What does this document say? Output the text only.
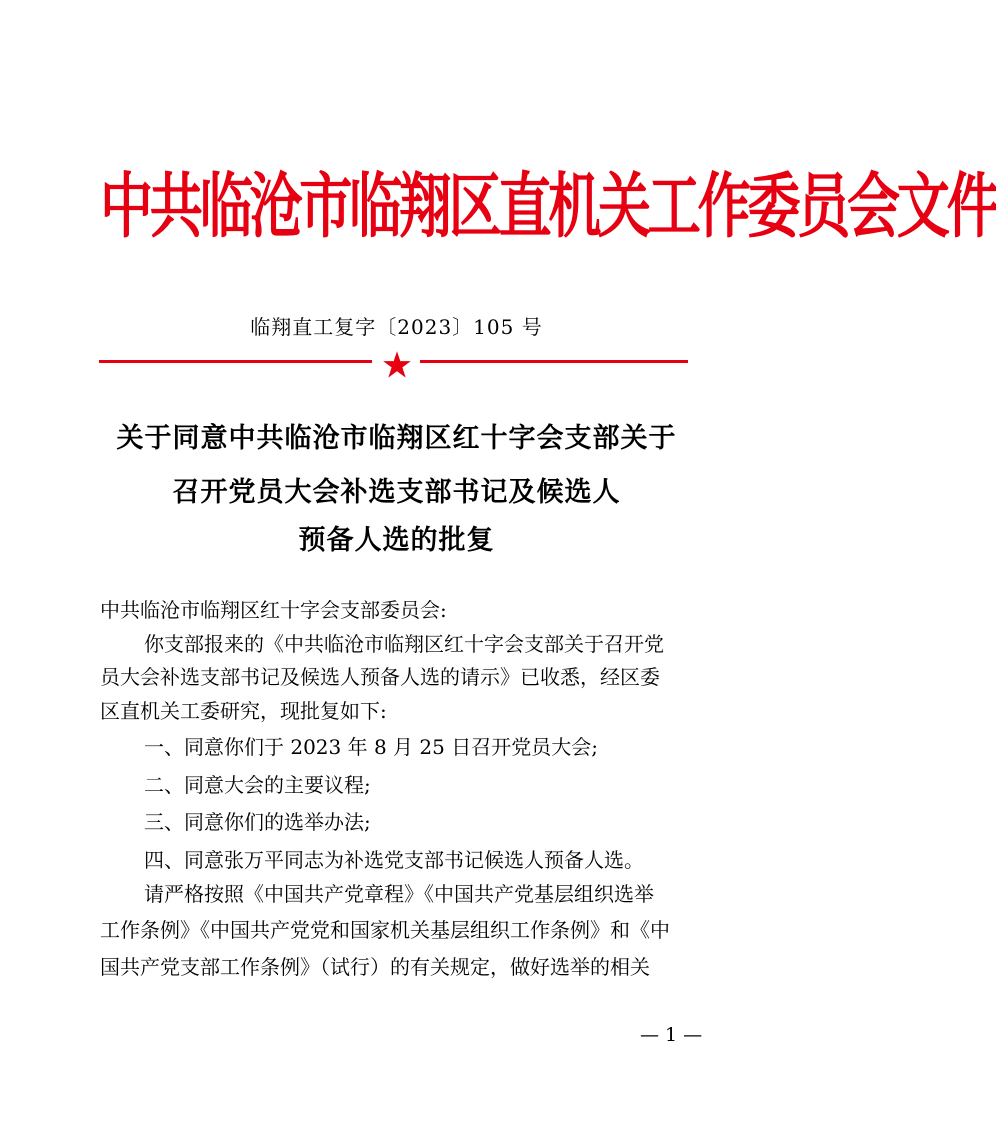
中共临沧市临翔区直机关工作委员会文件
临翔直工复字〔2023〕105 号
关于同意中共临沧市临翔区红十字会支部关于
召开党员大会补选支部书记及候选人
预备人选的批复
中共临沧市临翔区红十字会支部委员会:
你支部报来的《中共临沧市临翔区红十字会支部关于召开党
员大会补选支部书记及候选人预备人选的请示》已收悉，经区委
区直机关工委研究，现批复如下:
一、同意你们于 2023 年 8 月 25 日召开党员大会;
二、同意大会的主要议程;
三、同意你们的选举办法;
四、同意张万平同志为补选党支部书记候选人预备人选。
请严格按照《中国共产党章程》《中国共产党基层组织选举
工作条例》《中国共产党党和国家机关基层组织工作条例》和《中
国共产党支部工作条例》（试行）的有关规定，做好选举的相关
— 1 —
